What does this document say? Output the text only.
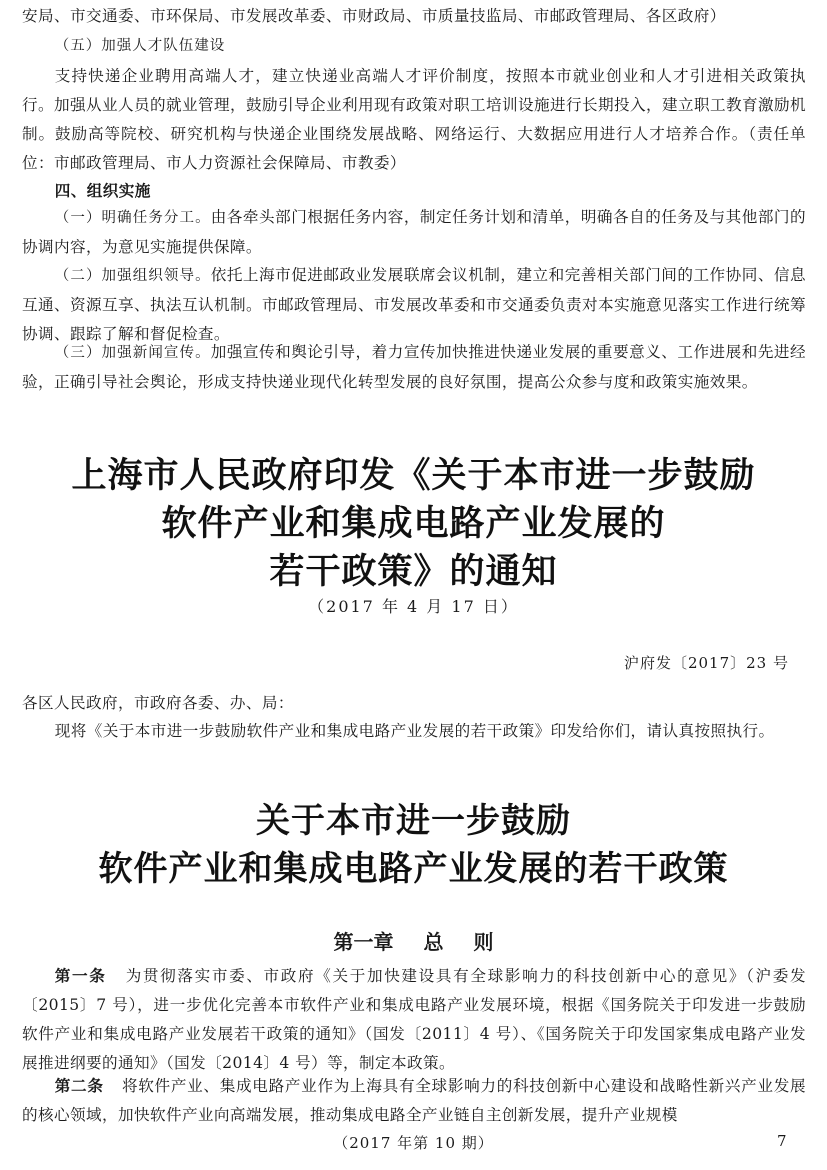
安局、市交通委、市环保局、市发展改革委、市财政局、市质量技监局、市邮政管理局、各区政府）

（五）加强人才队伍建设

支持快递企业聘用高端人才，建立快递业高端人才评价制度，按照本市就业创业和人才引进相关政策执行。加强从业人员的就业管理，鼓励引导企业利用现有政策对职工培训设施进行长期投入，建立职工教育激励机制。鼓励高等院校、研究机构与快递企业围绕发展战略、网络运行、大数据应用进行人才培养合作。（责任单位：市邮政管理局、市人力资源社会保障局、市教委）

四、组织实施

（一）明确任务分工。由各牵头部门根据任务内容，制定任务计划和清单，明确各自的任务及与其他部门的协调内容，为意见实施提供保障。

（二）加强组织领导。依托上海市促进邮政业发展联席会议机制，建立和完善相关部门间的工作协同、信息互通、资源互享、执法互认机制。市邮政管理局、市发展改革委和市交通委负责对本实施意见落实工作进行统筹协调、跟踪了解和督促检查。

（三）加强新闻宣传。加强宣传和舆论引导，着力宣传加快推进快递业发展的重要意义、工作进展和先进经验，正确引导社会舆论，形成支持快递业现代化转型发展的良好氛围，提高公众参与度和政策实施效果。

上海市人民政府印发《关于本市进一步鼓励
软件产业和集成电路产业发展的
若干政策》的通知
（2017 年 4 月 17 日）
沪府发〔2017〕23 号

各区人民政府，市政府各委、办、局：

现将《关于本市进一步鼓励软件产业和集成电路产业发展的若干政策》印发给你们，请认真按照执行。

关于本市进一步鼓励
软件产业和集成电路产业发展的若干政策
第一章 总 则

第一条 为贯彻落实市委、市政府《关于加快建设具有全球影响力的科技创新中心的意见》（沪委发〔2015〕7 号），进一步优化完善本市软件产业和集成电路产业发展环境，根据《国务院关于印发进一步鼓励软件产业和集成电路产业发展若干政策的通知》（国发〔2011〕4 号）、《国务院关于印发国家集成电路产业发展推进纲要的通知》（国发〔2014〕4 号）等，制定本政策。

第二条 将软件产业、集成电路产业作为上海具有全球影响力的科技创新中心建设和战略性新兴产业发展的核心领域，加快软件产业向高端发展，推动集成电路全产业链自主创新发展，提升产业规模

（2017 年第 10 期）	7
